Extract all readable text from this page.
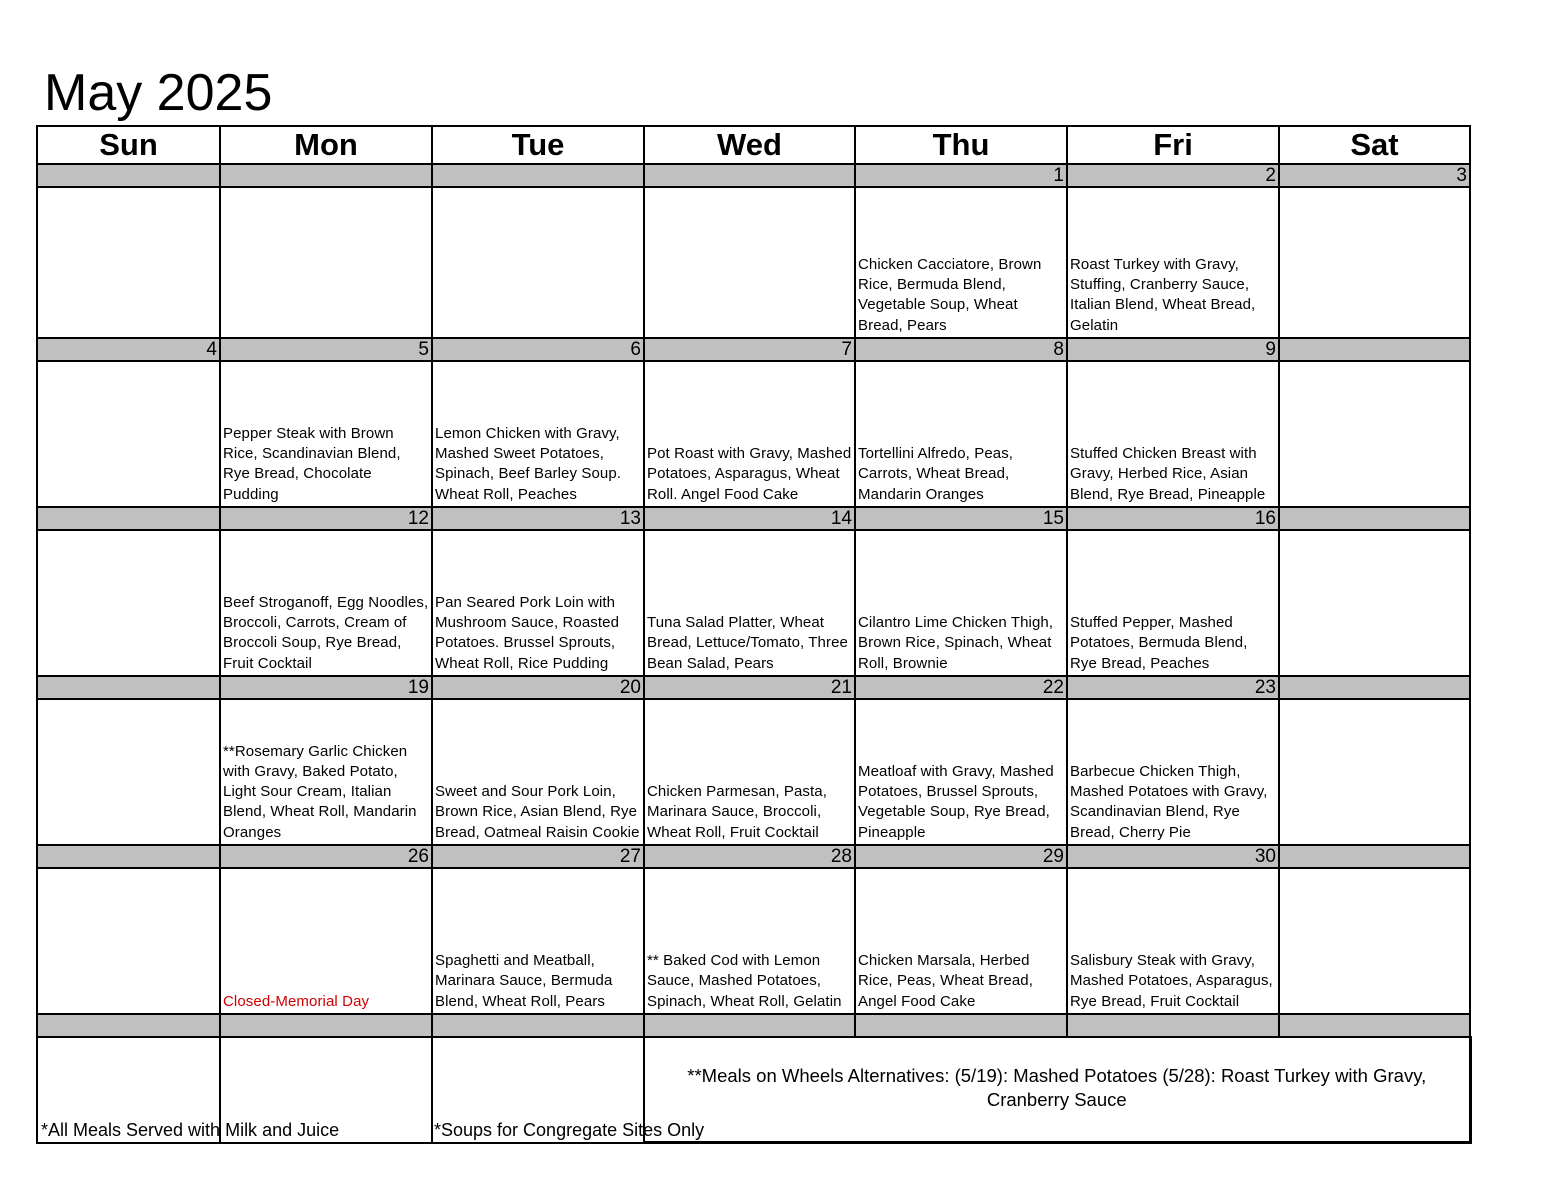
May 2025
Sun	Mon	Tue	Wed	Thu	Fri	Sat
				1	2	3
				Chicken Cacciatore, Brown Rice, Bermuda Blend, Vegetable Soup, Wheat Bread, Pears	Roast Turkey with Gravy, Stuffing, Cranberry Sauce, Italian Blend, Wheat Bread, Gelatin	
4	5	6	7	8	9	
	Pepper Steak with Brown Rice, Scandinavian Blend, Rye Bread, Chocolate Pudding	Lemon Chicken with Gravy, Mashed Sweet Potatoes, Spinach, Beef Barley Soup. Wheat Roll, Peaches	Pot Roast with Gravy, Mashed Potatoes, Asparagus, Wheat Roll. Angel Food Cake	Tortellini Alfredo, Peas, Carrots, Wheat Bread, Mandarin Oranges	Stuffed Chicken Breast with Gravy, Herbed Rice, Asian Blend, Rye Bread, Pineapple	
	12	13	14	15	16	
	Beef Stroganoff, Egg Noodles, Broccoli, Carrots, Cream of Broccoli Soup, Rye Bread, Fruit Cocktail	Pan Seared Pork Loin with Mushroom Sauce, Roasted Potatoes. Brussel Sprouts, Wheat Roll, Rice Pudding	Tuna Salad Platter, Wheat Bread, Lettuce/Tomato, Three Bean Salad, Pears	Cilantro Lime Chicken Thigh, Brown Rice, Spinach, Wheat Roll, Brownie	Stuffed Pepper, Mashed Potatoes, Bermuda Blend, Rye Bread, Peaches	
	19	20	21	22	23	
	**Rosemary Garlic Chicken with Gravy, Baked Potato, Light Sour Cream, Italian Blend, Wheat Roll, Mandarin Oranges	Sweet and Sour Pork Loin, Brown Rice, Asian Blend, Rye Bread, Oatmeal Raisin Cookie	Chicken Parmesan, Pasta, Marinara Sauce, Broccoli, Wheat Roll, Fruit Cocktail	Meatloaf with Gravy, Mashed Potatoes, Brussel Sprouts, Vegetable Soup, Rye Bread, Pineapple	Barbecue Chicken Thigh, Mashed Potatoes with Gravy, Scandinavian Blend, Rye Bread, Cherry Pie	
	26	27	28	29	30	
	Closed-Memorial Day	Spaghetti and Meatball, Marinara Sauce, Bermuda Blend, Wheat Roll, Pears	** Baked Cod with Lemon Sauce, Mashed Potatoes, Spinach, Wheat Roll, Gelatin	Chicken Marsala, Herbed Rice, Peas, Wheat Bread, Angel Food Cake	Salisbury Steak with Gravy, Mashed Potatoes, Asparagus, Rye Bread, Fruit Cocktail	

			**Meals on Wheels Alternatives: (5/19): Mashed Potatoes (5/28): Roast Turkey with Gravy, Cranberry Sauce			
*All Meals Served with Milk and Juice	*Soups for Congregate Sites Only
